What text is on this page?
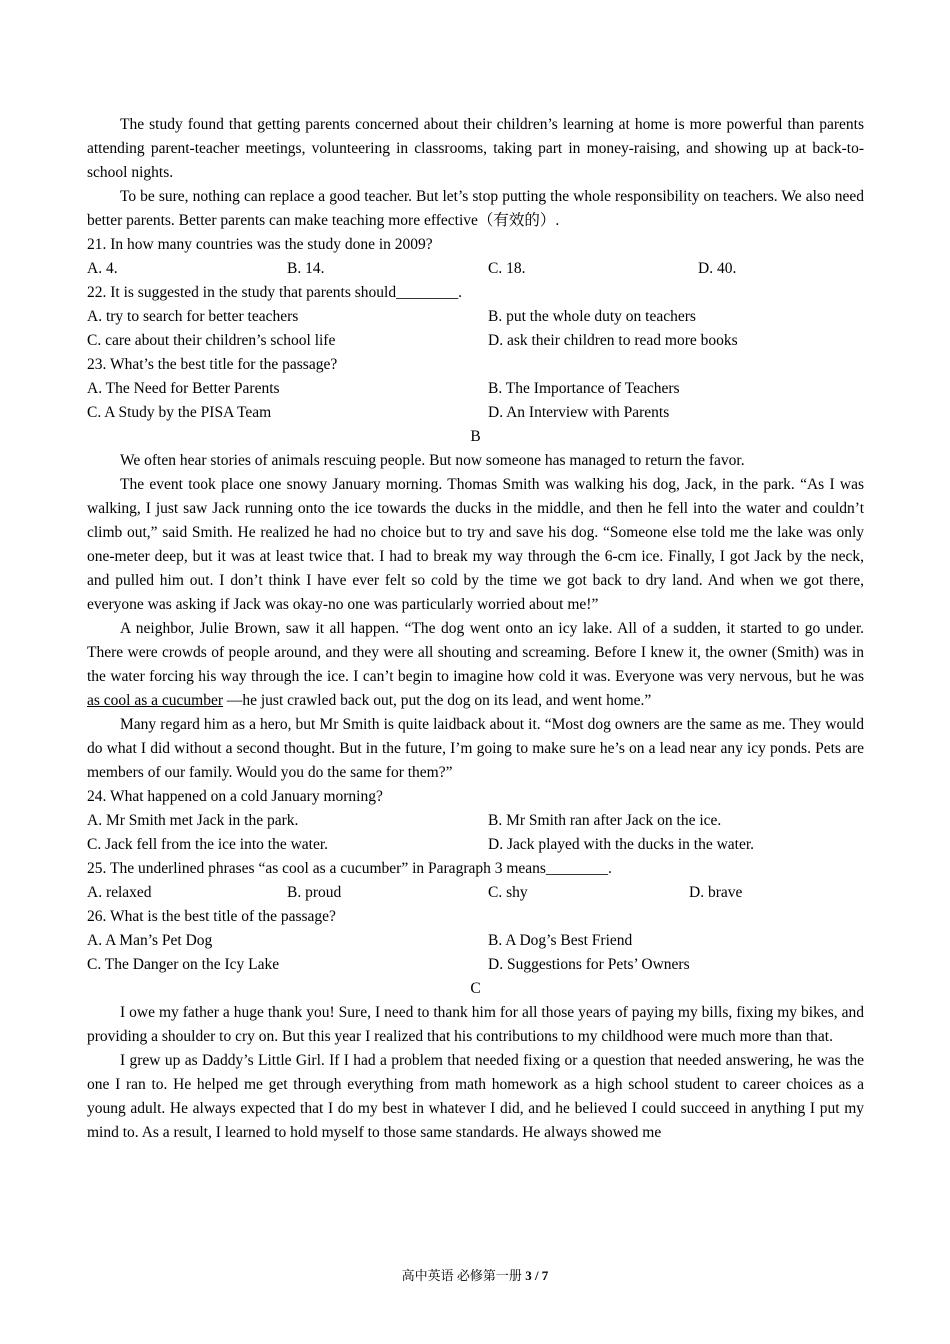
The study found that getting parents concerned about their children’s learning at home is more powerful than parents attending parent-teacher meetings, volunteering in classrooms, taking part in money-raising, and showing up at back-to-school nights.

To be sure, nothing can replace a good teacher. But let’s stop putting the whole responsibility on teachers. We also need better parents. Better parents can make teaching more effective（有效的）.

21. In how many countries was the study done in 2009?
A. 4.	B. 14.	C. 18.	D. 40.
22. It is suggested in the study that parents should________.
A. try to search for better teachers	B. put the whole duty on teachers
C. care about their children’s school life	D. ask their children to read more books
23. What’s the best title for the passage?
A. The Need for Better Parents	B. The Importance of Teachers
C. A Study by the PISA Team	D. An Interview with Parents
B

We often hear stories of animals rescuing people. But now someone has managed to return the favor.

The event took place one snowy January morning. Thomas Smith was walking his dog, Jack, in the park. “As I was walking, I just saw Jack running onto the ice towards the ducks in the middle, and then he fell into the water and couldn’t climb out,” said Smith. He realized he had no choice but to try and save his dog. “Someone else told me the lake was only one-meter deep, but it was at least twice that. I had to break my way through the 6-cm ice. Finally, I got Jack by the neck, and pulled him out. I don’t think I have ever felt so cold by the time we got back to dry land. And when we got there, everyone was asking if Jack was okay-no one was particularly worried about me!”

A neighbor, Julie Brown, saw it all happen. “The dog went onto an icy lake. All of a sudden, it started to go under. There were crowds of people around, and they were all shouting and screaming. Before I knew it, the owner (Smith) was in the water forcing his way through the ice. I can’t begin to imagine how cold it was. Everyone was very nervous, but he was as cool as a cucumber —he just crawled back out, put the dog on its lead, and went home.”

Many regard him as a hero, but Mr Smith is quite laidback about it. “Most dog owners are the same as me. They would do what I did without a second thought. But in the future, I’m going to make sure he’s on a lead near any icy ponds. Pets are members of our family. Would you do the same for them?”

24. What happened on a cold January morning?
A. Mr Smith met Jack in the park.	B. Mr Smith ran after Jack on the ice.
C. Jack fell from the ice into the water.	D. Jack played with the ducks in the water.
25. The underlined phrases “as cool as a cucumber” in Paragraph 3 means________.
A. relaxed	B. proud	C. shy	D. brave
26. What is the best title of the passage?
A. A Man’s Pet Dog	B. A Dog’s Best Friend
C. The Danger on the Icy Lake	D. Suggestions for Pets’ Owners
C

I owe my father a huge thank you! Sure, I need to thank him for all those years of paying my bills, fixing my bikes, and providing a shoulder to cry on. But this year I realized that his contributions to my childhood were much more than that.

I grew up as Daddy’s Little Girl. If I had a problem that needed fixing or a question that needed answering, he was the one I ran to. He helped me get through everything from math homework as a high school student to career choices as a young adult. He always expected that I do my best in whatever I did, and he believed I could succeed in anything I put my mind to. As a result, I learned to hold myself to those same standards. He always showed me

高中英语 必修第一册 3 / 7
